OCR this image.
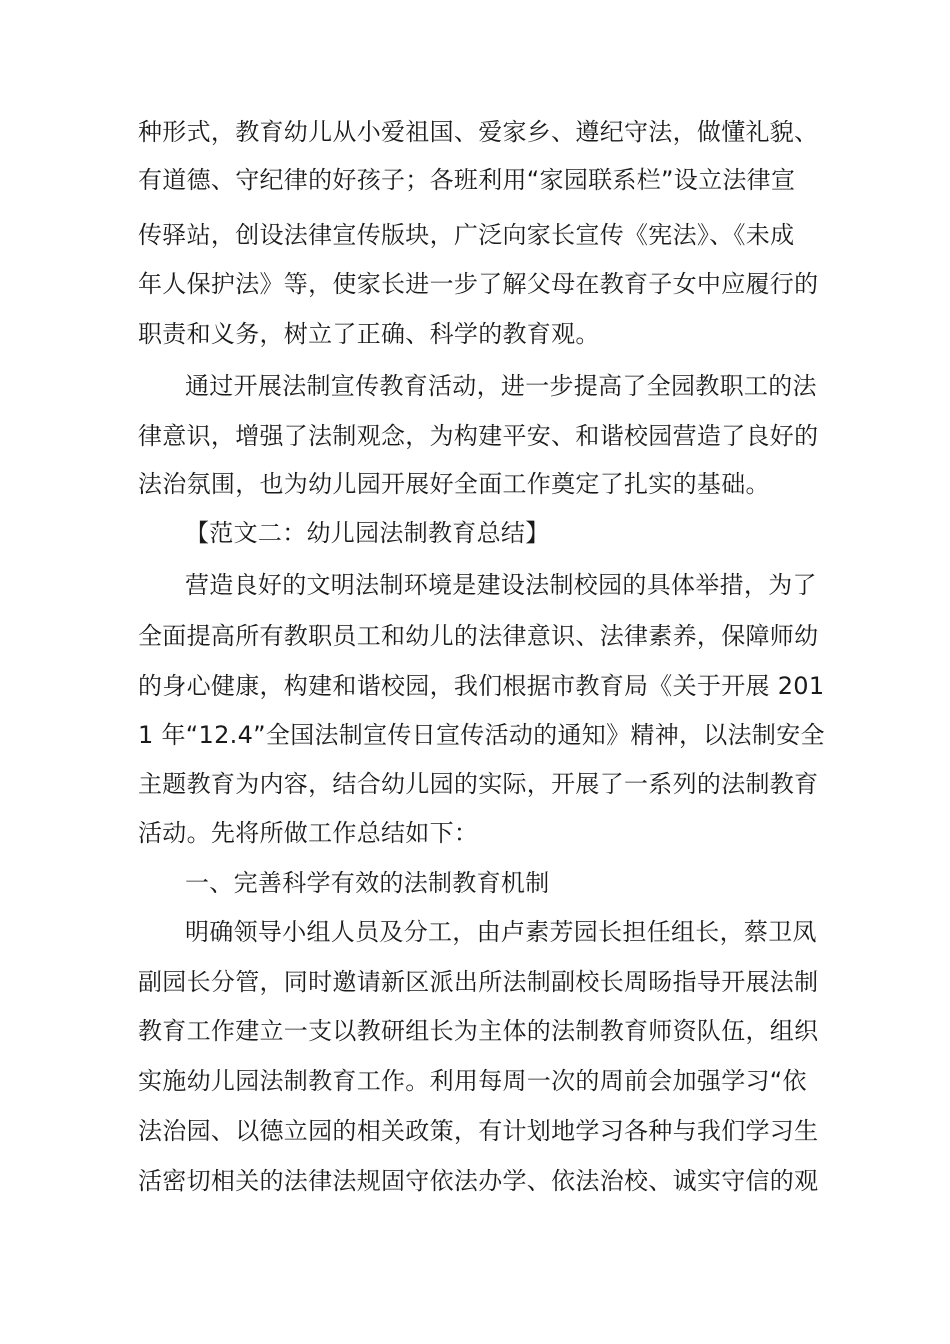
种形式，教育幼儿从小爱祖国、爱家乡、遵纪守法，做懂礼貌、
有道德、守纪律的好孩子；各班利用“家园联系栏”设立法律宣
传驿站，创设法律宣传版块，广泛向家长宣传《宪法》、《未成
年人保护法》等，使家长进一步了解父母在教育子女中应履行的
职责和义务，树立了正确、科学的教育观。
通过开展法制宣传教育活动，进一步提高了全园教职工的法
律意识，增强了法制观念，为构建平安、和谐校园营造了良好的
法治氛围，也为幼儿园开展好全面工作奠定了扎实的基础。
【范文二：幼儿园法制教育总结】
营造良好的文明法制环境是建设法制校园的具体举措，为了
全面提高所有教职员工和幼儿的法律意识、法律素养，保障师幼
的身心健康，构建和谐校园，我们根据市教育局《关于开展 201
1 年“12.4”全国法制宣传日宣传活动的通知》精神，以法制安全
主题教育为内容，结合幼儿园的实际，开展了一系列的法制教育
活动。先将所做工作总结如下：
一、完善科学有效的法制教育机制
明确领导小组人员及分工，由卢素芳园长担任组长，蔡卫凤
副园长分管，同时邀请新区派出所法制副校长周旸指导开展法制
教育工作建立一支以教研组长为主体的法制教育师资队伍，组织
实施幼儿园法制教育工作。利用每周一次的周前会加强学习“依
法治园、以德立园的相关政策，有计划地学习各种与我们学习生
活密切相关的法律法规固守依法办学、依法治校、诚实守信的观
